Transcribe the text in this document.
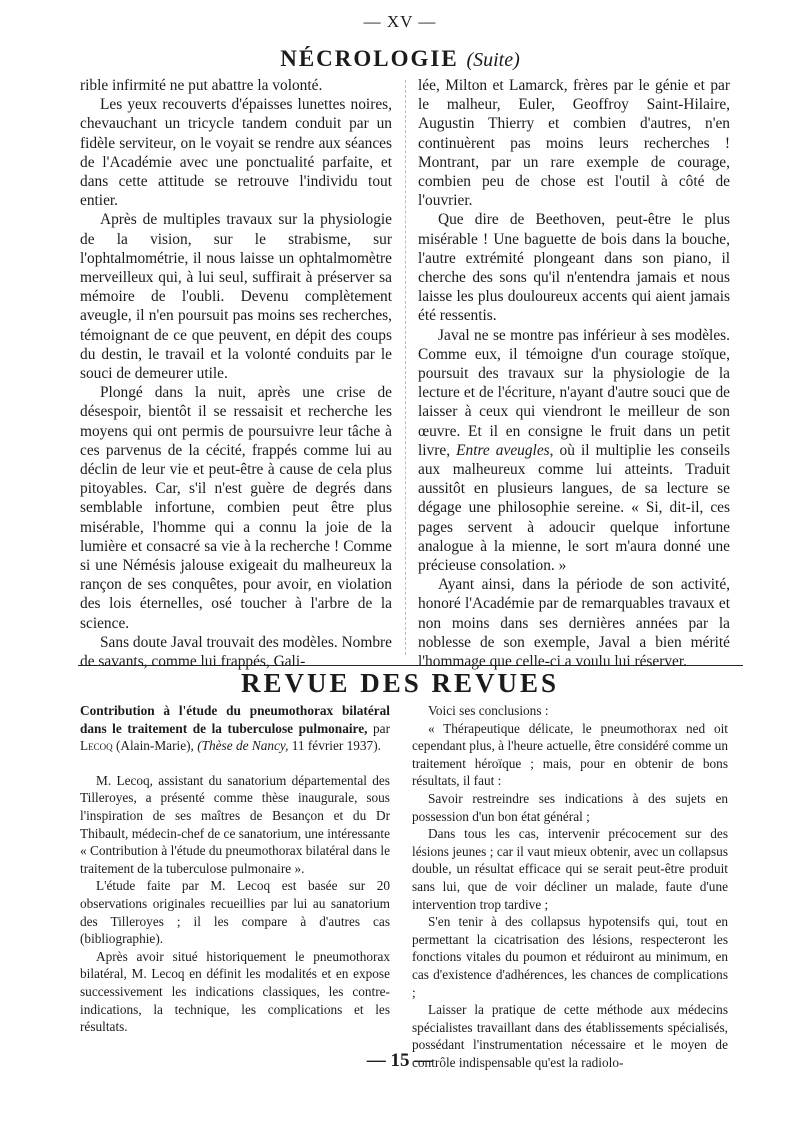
— XV —
NÉCROLOGIE (Suite)

rible infirmité ne put abattre la volonté.

Les yeux recouverts d'épaisses lunettes noires, chevauchant un tricycle tandem conduit par un fidèle serviteur, on le voyait se rendre aux séances de l'Académie avec une ponctualité parfaite, et dans cette attitude se retrouve l'individu tout entier.

Après de multiples travaux sur la physiologie de la vision, sur le strabisme, sur l'ophtalmométrie, il nous laisse un ophtalmomètre merveilleux qui, à lui seul, suffirait à préserver sa mémoire de l'oubli. Devenu complètement aveugle, il n'en poursuit pas moins ses recherches, témoignant de ce que peuvent, en dépit des coups du destin, le travail et la volonté conduits par le souci de demeurer utile.

Plongé dans la nuit, après une crise de désespoir, bientôt il se ressaisit et recherche les moyens qui ont permis de poursuivre leur tâche à ces parvenus de la cécité, frappés comme lui au déclin de leur vie et peut-être à cause de cela plus pitoyables. Car, s'il n'est guère de degrés dans semblable infortune, combien peut être plus misérable, l'homme qui a connu la joie de la lumière et consacré sa vie à la recherche ! Comme si une Némésis jalouse exigeait du malheureux la rançon de ses conquêtes, pour avoir, en violation des lois éternelles, osé toucher à l'arbre de la science.

Sans doute Javal trouvait des modèles. Nombre de savants, comme lui frappés, Gali-

lée, Milton et Lamarck, frères par le génie et par le malheur, Euler, Geoffroy Saint-Hilaire, Augustin Thierry et combien d'autres, n'en continuèrent pas moins leurs recherches ! Montrant, par un rare exemple de courage, combien peu de chose est l'outil à côté de l'ouvrier.

Que dire de Beethoven, peut-être le plus misérable ! Une baguette de bois dans la bouche, l'autre extrémité plongeant dans son piano, il cherche des sons qu'il n'entendra jamais et nous laisse les plus douloureux accents qui aient jamais été ressentis.

Javal ne se montre pas inférieur à ses modèles. Comme eux, il témoigne d'un courage stoïque, poursuit des travaux sur la physiologie de la lecture et de l'écriture, n'ayant d'autre souci que de laisser à ceux qui viendront le meilleur de son œuvre. Et il en consigne le fruit dans un petit livre, Entre aveugles, où il multiplie les conseils aux malheureux comme lui atteints. Traduit aussitôt en plusieurs langues, de sa lecture se dégage une philosophie sereine. « Si, dit-il, ces pages servent à adoucir quelque infortune analogue à la mienne, le sort m'aura donné une précieuse consolation. »

Ayant ainsi, dans la période de son activité, honoré l'Académie par de remarquables travaux et non moins dans ses dernières années par la noblesse de son exemple, Javal a bien mérité l'hommage que celle-ci a voulu lui réserver.

REVUE DES REVUES

Contribution à l'étude du pneumothorax bilatéral dans le traitement de la tuberculose pulmonaire, par Lecoq (Alain-Marie), (Thèse de Nancy, 11 février 1937).

M. Lecoq, assistant du sanatorium départemental des Tilleroyes, a présenté comme thèse inaugurale, sous l'inspiration de ses maîtres de Besançon et du Dr Thibault, médecin-chef de ce sanatorium, une intéressante « Contribution à l'étude du pneumothorax bilatéral dans le traitement de la tuberculose pulmonaire ».

L'étude faite par M. Lecoq est basée sur 20 observations originales recueillies par lui au sanatorium des Tilleroyes ; il les compare à d'autres cas (bibliographie).

Après avoir situé historiquement le pneumothorax bilatéral, M. Lecoq en définit les modalités et en expose successivement les indications classiques, les contre-indications, la technique, les complications et les résultats.

Voici ses conclusions :

« Thérapeutique délicate, le pneumothorax ned oit cependant plus, à l'heure actuelle, être considéré comme un traitement héroïque ; mais, pour en obtenir de bons résultats, il faut :

Savoir restreindre ses indications à des sujets en possession d'un bon état général ;

Dans tous les cas, intervenir précocement sur des lésions jeunes ; car il vaut mieux obtenir, avec un collapsus double, un résultat efficace qui se serait peut-être produit sans lui, que de voir décliner un malade, faute d'une intervention trop tardive ;

S'en tenir à des collapsus hypotensifs qui, tout en permettant la cicatrisation des lésions, respecteront les fonctions vitales du poumon et réduiront au minimum, en cas d'existence d'adhérences, les chances de complications ;

Laisser la pratique de cette méthode aux médecins spécialistes travaillant dans des établissements spécialisés, possédant l'instrumentation nécessaire et le moyen de contrôle indispensable qu'est la radiolo-

— 15 —
